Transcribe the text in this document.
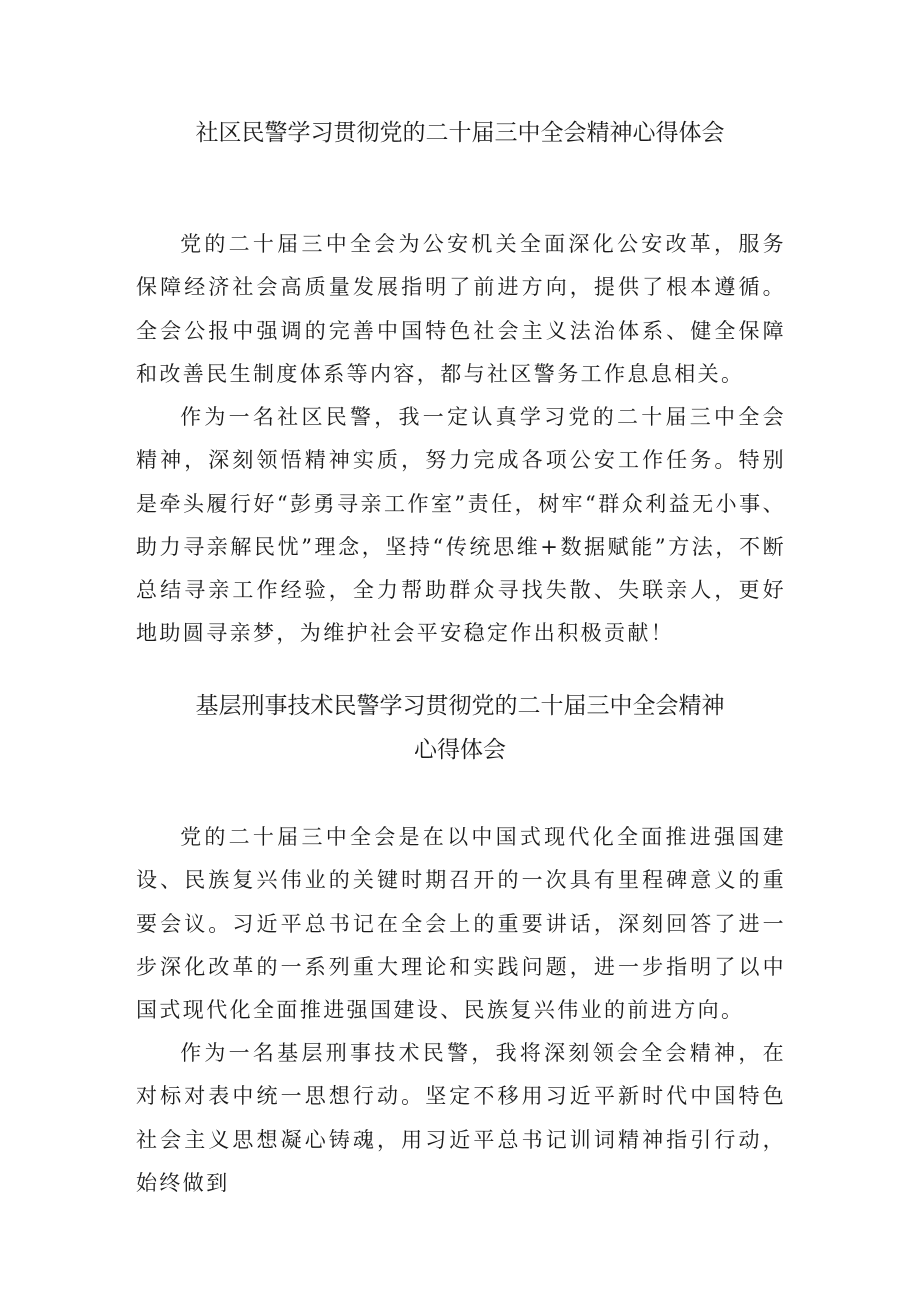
社区民警学习贯彻党的二十届三中全会精神心得体会

党的二十届三中全会为公安机关全面深化公安改革，服务保障经济社会高质量发展指明了前进方向，提供了根本遵循。全会公报中强调的完善中国特色社会主义法治体系、健全保障和改善民生制度体系等内容，都与社区警务工作息息相关。

作为一名社区民警，我一定认真学习党的二十届三中全会精神，深刻领悟精神实质，努力完成各项公安工作任务。特别是牵头履行好“彭勇寻亲工作室”责任，树牢“群众利益无小事、助力寻亲解民忧”理念，坚持“传统思维+数据赋能”方法，不断总结寻亲工作经验，全力帮助群众寻找失散、失联亲人，更好地助圆寻亲梦，为维护社会平安稳定作出积极贡献！

基层刑事技术民警学习贯彻党的二十届三中全会精神
心得体会

党的二十届三中全会是在以中国式现代化全面推进强国建设、民族复兴伟业的关键时期召开的一次具有里程碑意义的重要会议。习近平总书记在全会上的重要讲话，深刻回答了进一步深化改革的一系列重大理论和实践问题，进一步指明了以中国式现代化全面推进强国建设、民族复兴伟业的前进方向。

作为一名基层刑事技术民警，我将深刻领会全会精神，在对标对表中统一思想行动。坚定不移用习近平新时代中国特色社会主义思想凝心铸魂，用习近平总书记训词精神指引行动，始终做到
